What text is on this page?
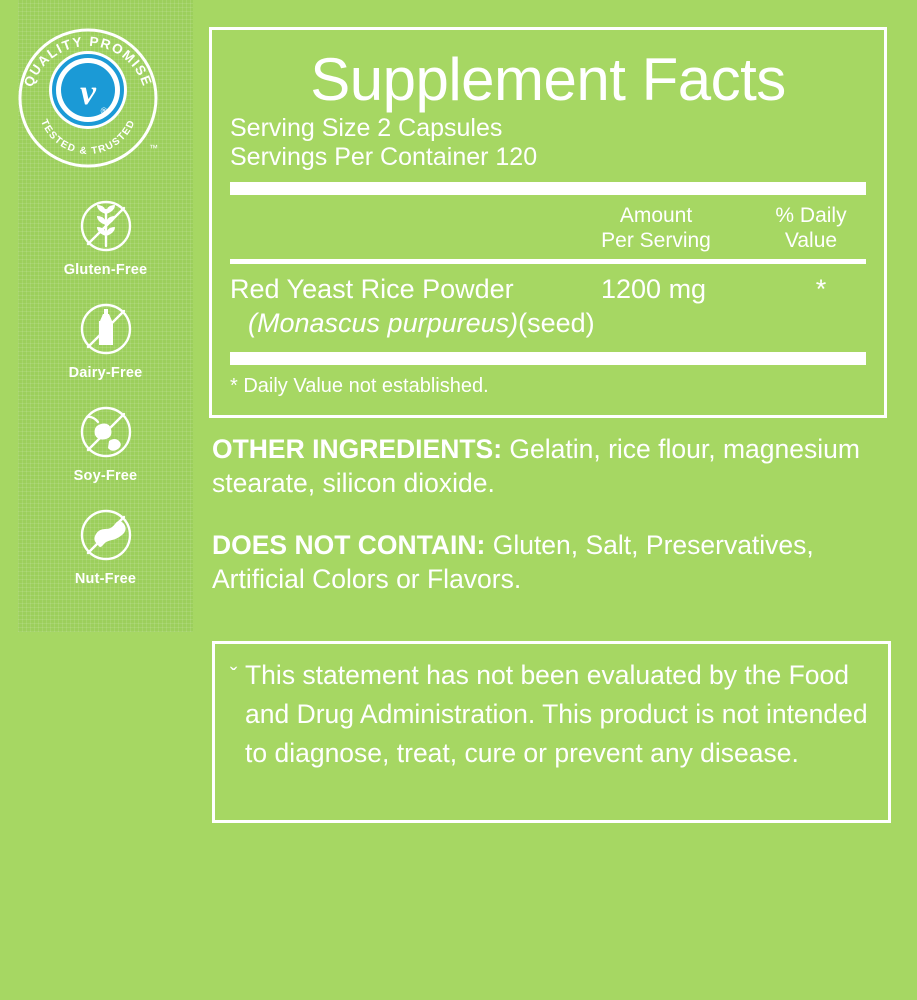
v ®
QUALITY PROMISE
TESTED & TRUSTED
™
Gluten-Free
Dairy-Free
Soy-Free
Nut-Free
Supplement Facts
Serving Size 2 Capsules
Servings Per Container 120
Amount
Per Serving
% Daily
Value
Red Yeast Rice Powder	1200 mg	*
(Monascus purpureus)(seed)
* Daily Value not established.
OTHER INGREDIENTS: Gelatin, rice flour, magnesium stearate, silicon dioxide.
DOES NOT CONTAIN: Gluten, Salt, Preservatives, Artificial Colors or Flavors.
ˇ This statement has not been evaluated by the Food and Drug Administration. This product is not intended to diagnose, treat, cure or prevent any disease.
